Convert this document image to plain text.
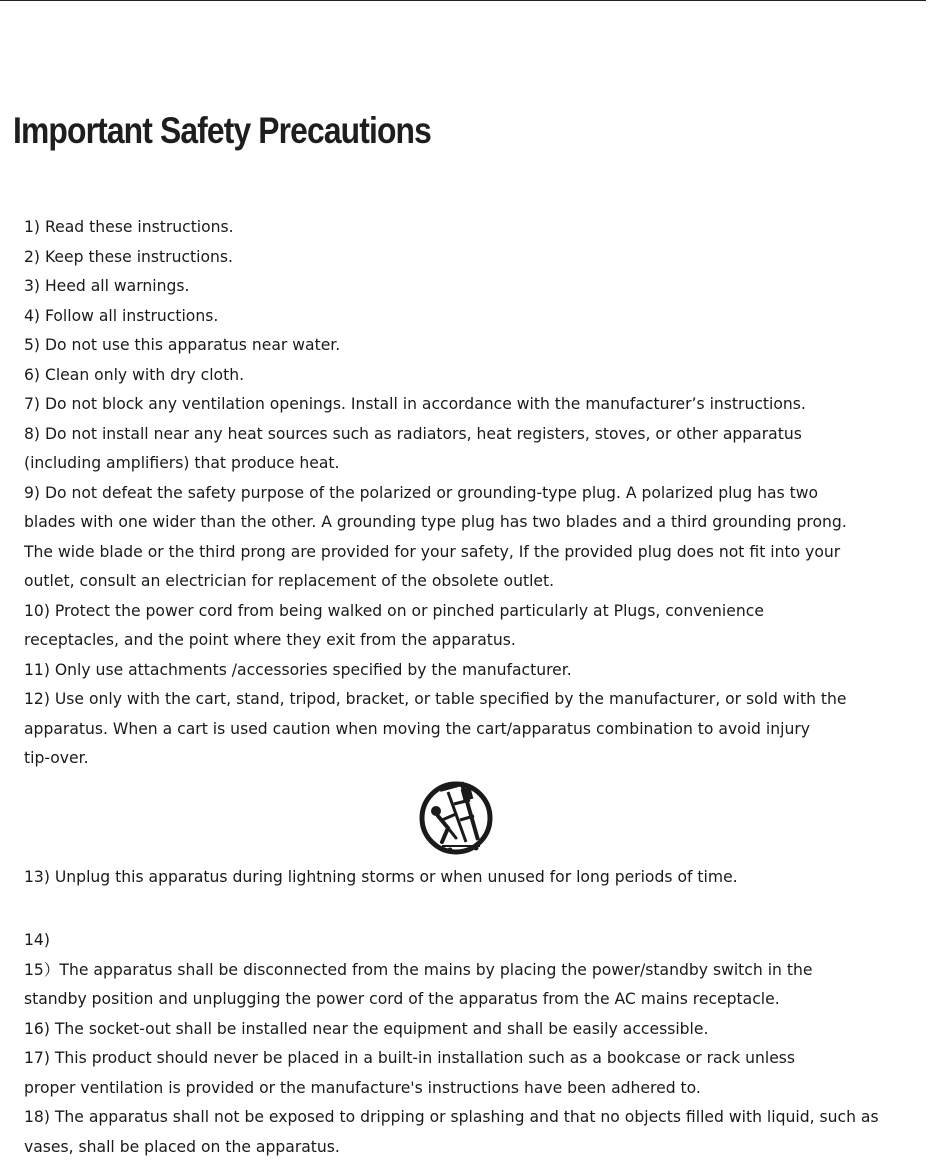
Important Safety Precautions
1) Read these instructions.
2) Keep these instructions.
3) Heed all warnings.
4) Follow all instructions.
5) Do not use this apparatus near water.
6) Clean only with dry cloth.
7) Do not block any ventilation openings. Install in accordance with the manufacturer’s instructions.
8) Do not install near any heat sources such as radiators, heat registers, stoves, or other apparatus
(including amplifiers) that produce heat.
9) Do not defeat the safety purpose of the polarized or grounding-type plug. A polarized plug has two
blades with one wider than the other. A grounding type plug has two blades and a third grounding prong.
The wide blade or the third prong are provided for your safety, If the provided plug does not fit into your
outlet, consult an electrician for replacement of the obsolete outlet.
10) Protect the power cord from being walked on or pinched particularly at Plugs, convenience
receptacles, and the point where they exit from the apparatus.
11) Only use attachments /accessories specified by the manufacturer.
12) Use only with the cart, stand, tripod, bracket, or table specified by the manufacturer, or sold with the
apparatus. When a cart is used caution when moving the cart/apparatus combination to avoid injury
tip-over.
13) Unplug this apparatus during lightning storms or when unused for long periods of time.
14)
15）The apparatus shall be disconnected from the mains by placing the power/standby switch in the
standby position and unplugging the power cord of the apparatus from the AC mains receptacle.
16) The socket-out shall be installed near the equipment and shall be easily accessible.
17) This product should never be placed in a built-in installation such as a bookcase or rack unless
proper ventilation is provided or the manufacture's instructions have been adhered to.
18) The apparatus shall not be exposed to dripping or splashing and that no objects filled with liquid, such as
vases, shall be placed on the apparatus.
